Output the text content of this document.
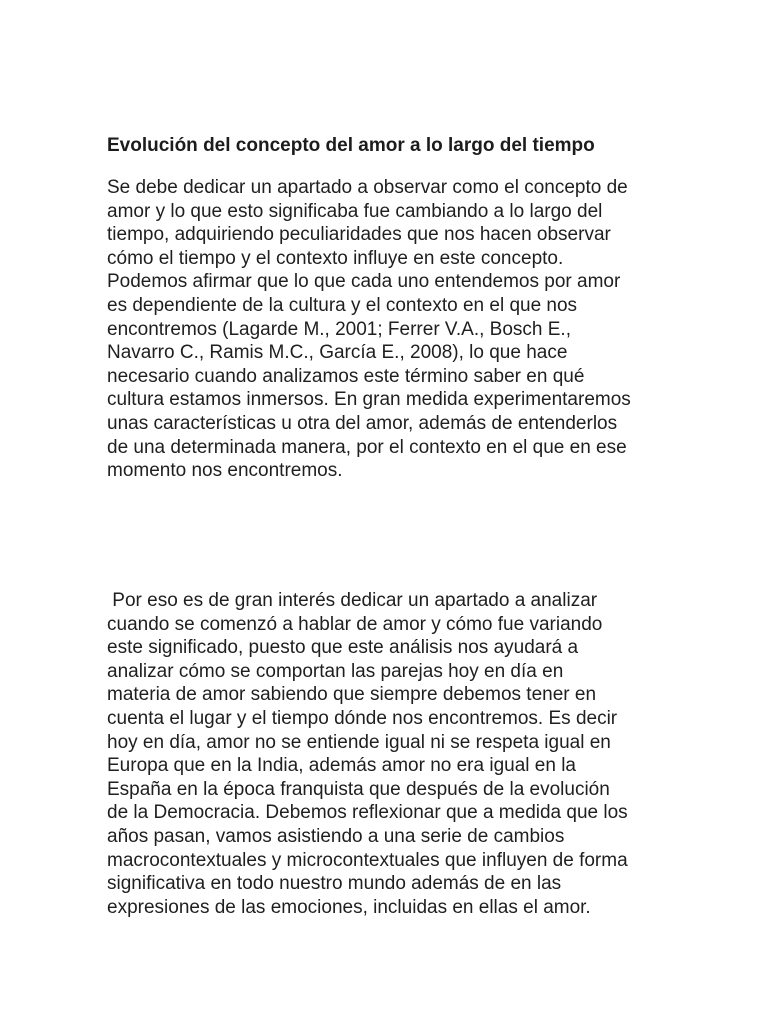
Evolución del concepto del amor a lo largo del tiempo

Se debe dedicar un apartado a observar como el concepto de
amor y lo que esto significaba fue cambiando a lo largo del
tiempo, adquiriendo peculiaridades que nos hacen observar
cómo el tiempo y el contexto influye en este concepto.
Podemos afirmar que lo que cada uno entendemos por amor
es dependiente de la cultura y el contexto en el que nos
encontremos (Lagarde M., 2001; Ferrer V.A., Bosch E.,
Navarro C., Ramis M.C., García E., 2008), lo que hace
necesario cuando analizamos este término saber en qué
cultura estamos inmersos. En gran medida experimentaremos
unas características u otra del amor, además de entenderlos
de una determinada manera, por el contexto en el que en ese
momento nos encontremos.

Por eso es de gran interés dedicar un apartado a analizar
cuando se comenzó a hablar de amor y cómo fue variando
este significado, puesto que este análisis nos ayudará a
analizar cómo se comportan las parejas hoy en día en
materia de amor sabiendo que siempre debemos tener en
cuenta el lugar y el tiempo dónde nos encontremos. Es decir
hoy en día, amor no se entiende igual ni se respeta igual en
Europa que en la India, además amor no era igual en la
España en la época franquista que después de la evolución
de la Democracia. Debemos reflexionar que a medida que los
años pasan, vamos asistiendo a una serie de cambios
macrocontextuales y microcontextuales que influyen de forma
significativa en todo nuestro mundo además de en las
expresiones de las emociones, incluidas en ellas el amor.
